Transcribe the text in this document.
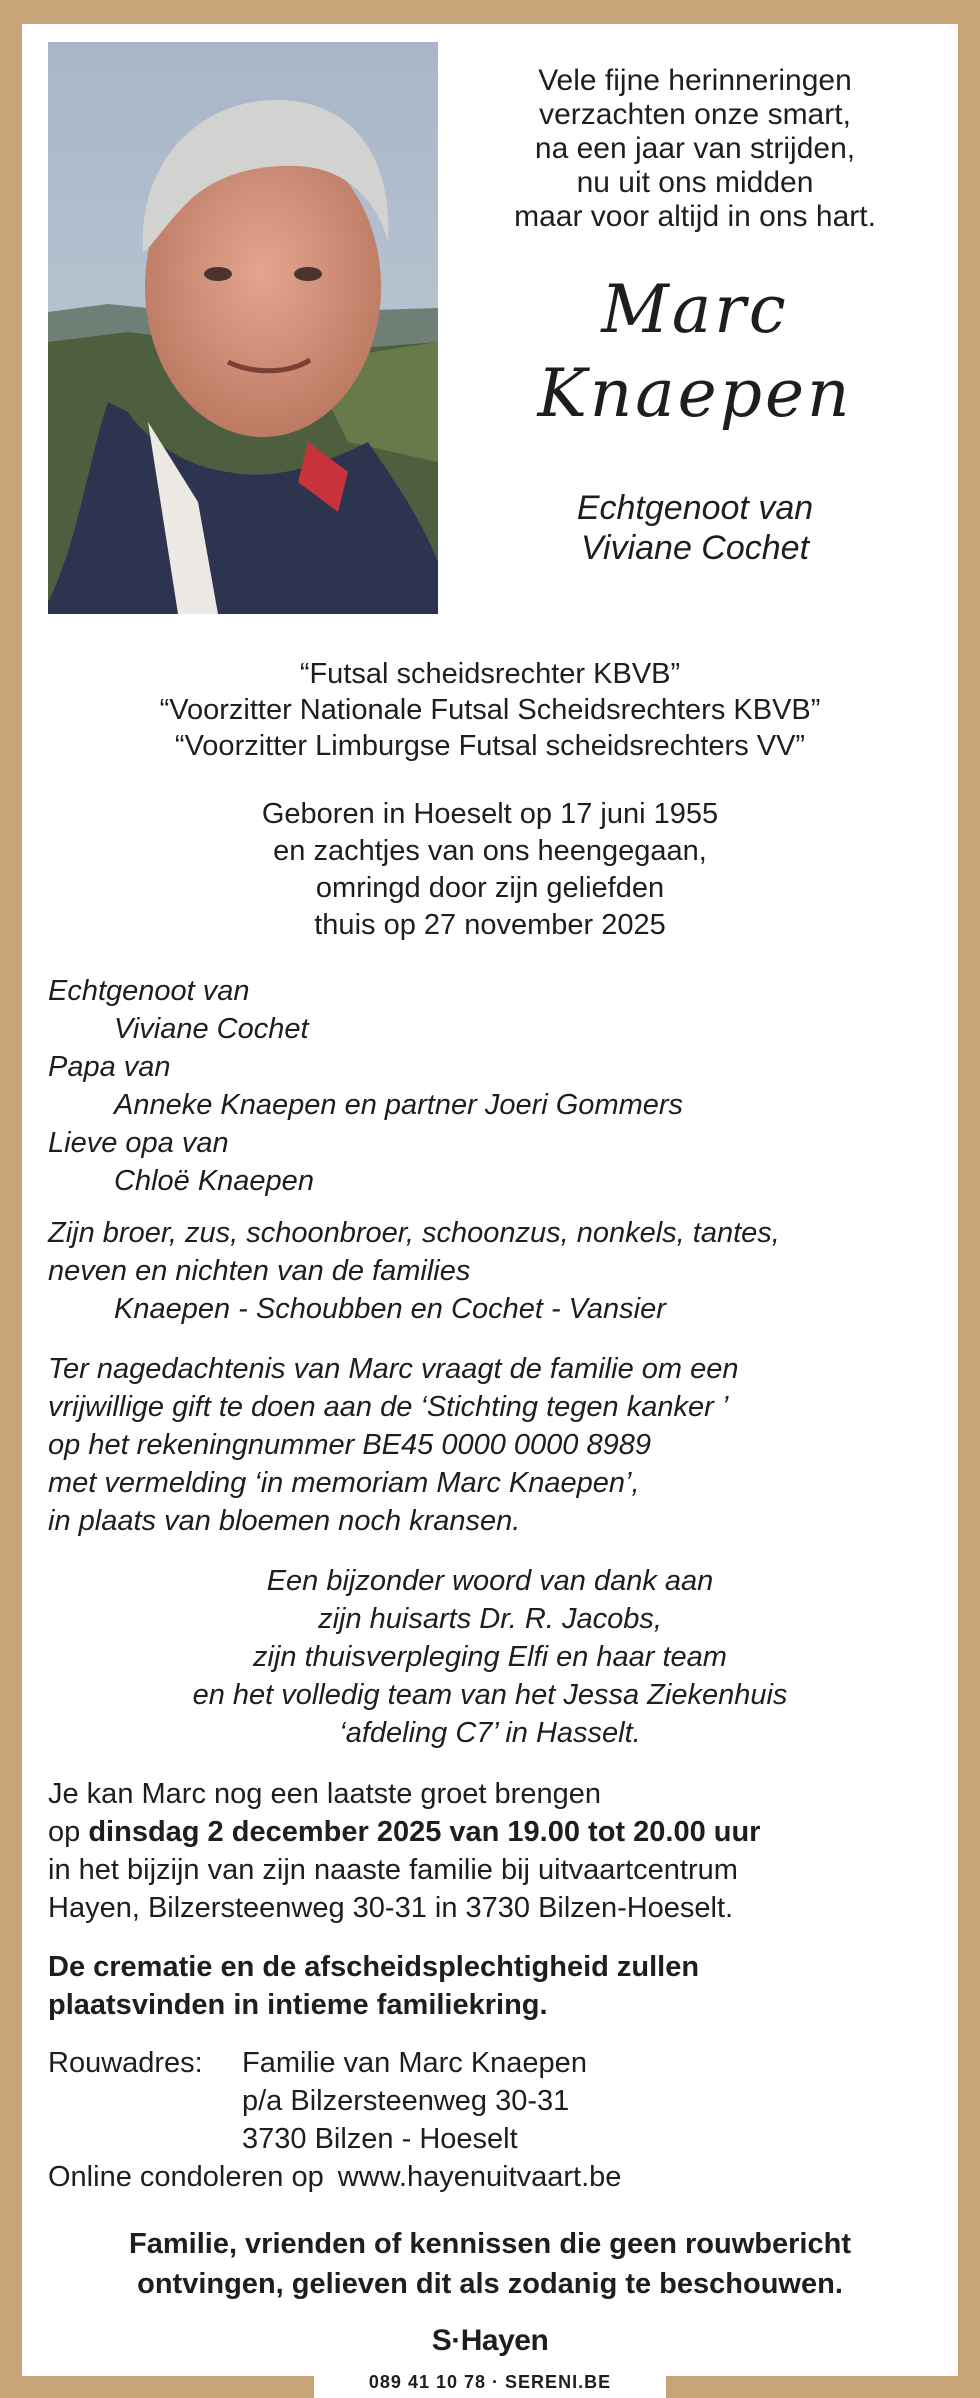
Vele fijne herinneringen
verzachten onze smart,
na een jaar van strijden,
nu uit ons midden
maar voor altijd in ons hart.
Marc
Knaepen
Echtgenoot van
Viviane Cochet
“Futsal scheidsrechter KBVB”
“Voorzitter Nationale Futsal Scheidsrechters KBVB”
“Voorzitter Limburgse Futsal scheidsrechters VV”
Geboren in Hoeselt op 17 juni 1955
en zachtjes van ons heengegaan,
omringd door zijn geliefden
thuis op 27 november 2025
Echtgenoot van
Viviane Cochet
Papa van
Anneke Knaepen en partner Joeri Gommers
Lieve opa van
Chloë Knaepen
Zijn broer, zus, schoonbroer, schoonzus, nonkels, tantes,
neven en nichten van de families
Knaepen - Schoubben en Cochet - Vansier
Ter nagedachtenis van Marc vraagt de familie om een
vrijwillige gift te doen aan de ‘Stichting tegen kanker ’
op het rekeningnummer BE45 0000 0000 8989
met vermelding ‘in memoriam Marc Knaepen’,
in plaats van bloemen noch kransen.
Een bijzonder woord van dank aan
zijn huisarts Dr. R. Jacobs,
zijn thuisverpleging Elfi en haar team
en het volledig team van het Jessa Ziekenhuis
‘afdeling C7’ in Hasselt.
Je kan Marc nog een laatste groet brengen
op dinsdag 2 december 2025 van 19.00 tot 20.00 uur
in het bijzijn van zijn naaste familie bij uitvaartcentrum
Hayen, Bilzersteenweg 30-31 in 3730 Bilzen-Hoeselt.
De crematie en de afscheidsplechtigheid zullen
plaatsvinden in intieme familiekring.
Rouwadres:	Familie van Marc Knaepen
p/a Bilzersteenweg 30-31
3730 Bilzen - Hoeselt
Online condoleren op www.hayenuitvaart.be
Familie, vrienden of kennissen die geen rouwbericht
ontvingen, gelieven dit als zodanig te beschouwen.
S·Hayen
089 41 10 78 · SERENI.BE
